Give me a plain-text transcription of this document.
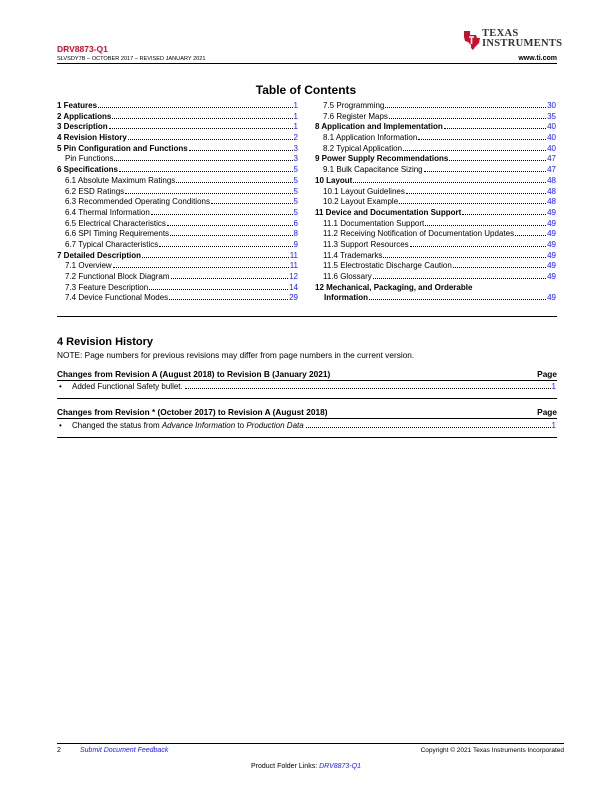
DRV8873-Q1
SLVSDY7B – OCTOBER 2017 – REVISED JANUARY 2021
TEXAS
INSTRUMENTS
www.ti.com
Table of Contents
1 Features	1
2 Applications	1
3 Description	1
4 Revision History	2
5 Pin Configuration and Functions	3
Pin Functions	3
6 Specifications	5
6.1 Absolute Maximum Ratings	5
6.2 ESD Ratings	5
6.3 Recommended Operating Conditions	5
6.4 Thermal Information	5
6.5 Electrical Characteristics	6
6.6 SPI Timing Requirements	8
6.7 Typical Characteristics	9
7 Detailed Description	11
7.1 Overview	11
7.2 Functional Block Diagram	12
7.3 Feature Description	14
7.4 Device Functional Modes	29
7.5 Programming	30
7.6 Register Maps	35
8 Application and Implementation	40
8.1 Application Information	40
8.2 Typical Application	40
9 Power Supply Recommendations	47
9.1 Bulk Capacitance Sizing	47
10 Layout	48
10.1 Layout Guidelines	48
10.2 Layout Example	48
11 Device and Documentation Support	49
11.1 Documentation Support	49
11.2 Receiving Notification of Documentation Updates	49
11.3 Support Resources	49
11.4 Trademarks	49
11.5 Electrostatic Discharge Caution	49
11.6 Glossary	49
12 Mechanical, Packaging, and Orderable
Information	49
4 Revision History
NOTE: Page numbers for previous revisions may differ from page numbers in the current version.
Changes from Revision A (August 2018) to Revision B (January 2021)	Page
•	Added Functional Safety bullet.	1
Changes from Revision * (October 2017) to Revision A (August 2018)	Page
•	Changed the status from Advance Information to Production Data	1
2	Submit Document Feedback	Copyright © 2021 Texas Instruments Incorporated
Product Folder Links: DRV8873-Q1
